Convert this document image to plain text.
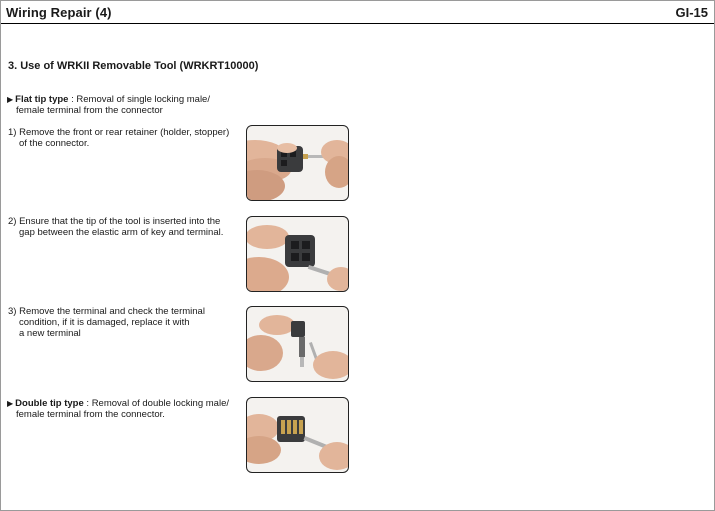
Wiring Repair (4)	GI-15
3. Use of WRKII Removable Tool (WRKRT10000)
▶ Flat tip type : Removal of single locking male/
female terminal from the connector
1) Remove the front or rear retainer (holder, stopper)
of the connector.
2) Ensure that the tip of the tool is inserted into the
gap between the elastic arm of key and terminal.
3) Remove the terminal and check the terminal
condition, if it is damaged, replace it with
a new terminal
▶ Double tip type : Removal of double locking male/
female terminal from the connector.
